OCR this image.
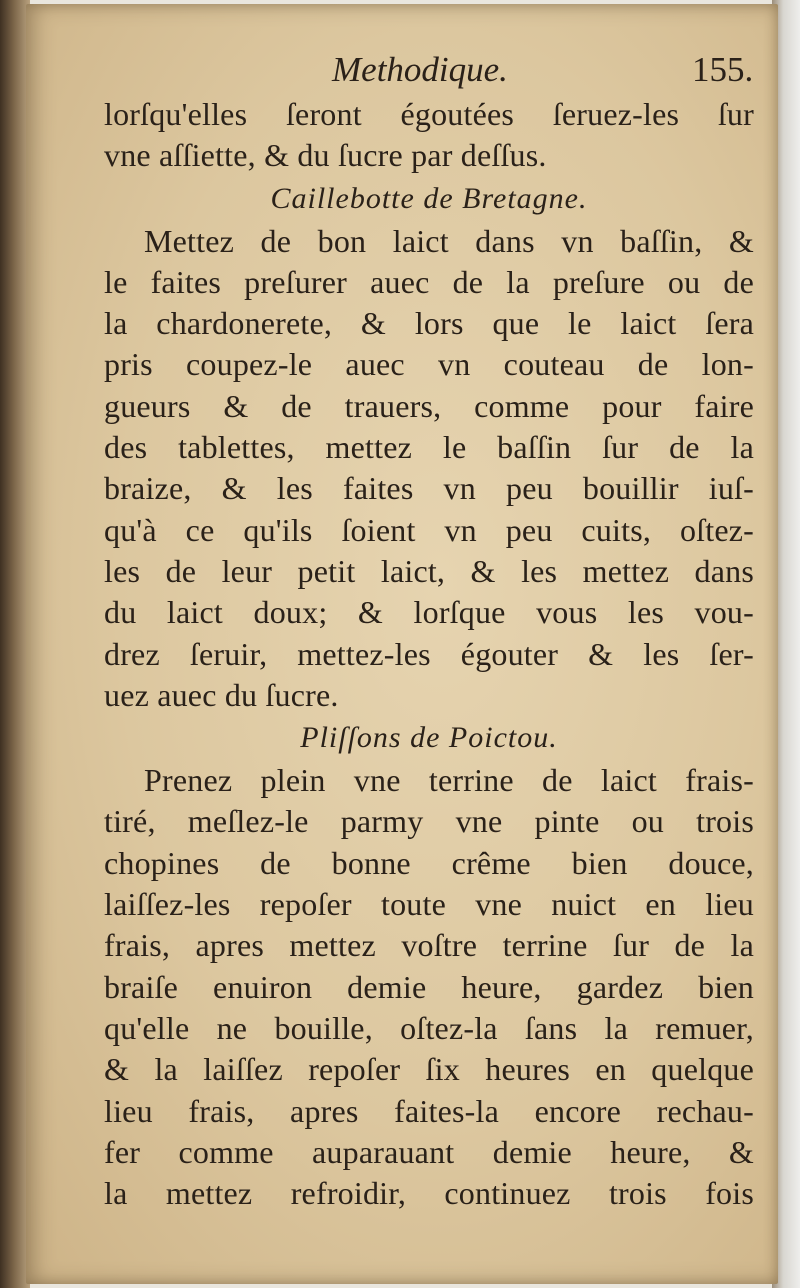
Methodique.	155.
lorſqu'elles ſeront égoutées ſeruez-les ſur
vne aſſiette, & du ſucre par deſſus.
Caillebotte de Bretagne.
Mettez de bon laict dans vn baſſin, &
le faites preſurer auec de la preſure ou de
la chardonerete, & lors que le laict ſera
pris coupez-le auec vn couteau de lon-
gueurs & de trauers, comme pour faire
des tablettes, mettez le baſſin ſur de la
braize, & les faites vn peu bouillir iuſ-
qu'à ce qu'ils ſoient vn peu cuits, oſtez-
les de leur petit laict, & les mettez dans
du laict doux; & lorſque vous les vou-
drez ſeruir, mettez-les égouter & les ſer-
uez auec du ſucre.
Pliſſons de Poictou.
Prenez plein vne terrine de laict frais-
tiré, meſlez-le parmy vne pinte ou trois
chopines de bonne crême bien douce,
laiſſez-les repoſer toute vne nuict en lieu
frais, apres mettez voſtre terrine ſur de la
braiſe enuiron demie heure, gardez bien
qu'elle ne bouille, oſtez-la ſans la remuer,
& la laiſſez repoſer ſix heures en quelque
lieu frais, apres faites-la encore rechau-
fer comme auparauant demie heure, &
la mettez refroidir, continuez trois fois
